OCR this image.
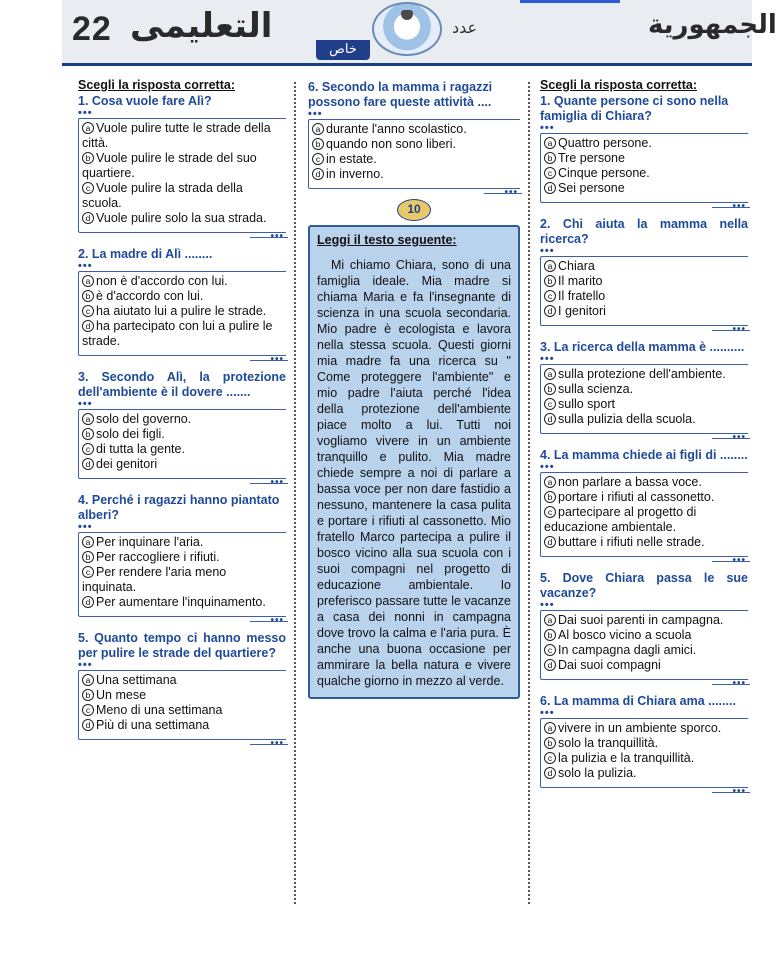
22 التعليمى
خاص
عدد	الجمهورية
Scegli la risposta corretta:
1. Cosa vuole fare Alì?
•••
a Vuole pulire tutte le strade della città.
b Vuole pulire le strade del suo quartiere.
c Vuole pulire la strada della scuola.
d Vuole pulire solo la sua strada.
•••
2. La madre di Alì ........
•••
a non è d'accordo con lui.
b è d'accordo con lui.
c ha aiutato lui a pulire le strade.
d ha partecipato con lui a pulire le strade.
•••
3. Secondo Alì, la protezione dell'ambiente è il dovere .......
•••
a solo del governo.
b solo dei figli.
c di tutta la gente.
d dei genitori
•••
4. Perché i ragazzi hanno piantato alberi?
•••
a Per inquinare l'aria.
b Per raccogliere i rifiuti.
c Per rendere l'aria meno inquinata.
d Per aumentare l'inquinamento.
•••
5. Quanto tempo ci hanno messo per pulire le strade del quartiere?
•••
a Una settimana
b Un mese
c Meno di una settimana
d Più di una settimana
•••
6. Secondo la mamma i ragazzi possono fare queste attività ....
•••
a durante l'anno scolastico.
b quando non sono liberi.
c in estate.
d in inverno.
•••
10
Leggi il testo seguente:
Mi chiamo Chiara, sono di una famiglia ideale. Mia madre si chiama Maria e fa l'insegnante di scienza in una scuola secondaria. Mio padre è ecologista e lavora nella stessa scuola. Questi giorni mia madre fa una ricerca su " Come proteggere l'ambiente" e mio padre l'aiuta perché l'idea della protezione dell'ambiente piace molto a lui. Tutti noi vogliamo vivere in un ambiente tranquillo e pulito. Mia madre chiede sempre a noi di parlare a bassa voce per non dare fastidio a nessuno, mantenere la casa pulita e portare i rifiuti al cassonetto. Mio fratello Marco partecipa a pulire il bosco vicino alla sua scuola con i suoi compagni nel progetto di educazione ambientale. Io preferisco passare tutte le vacanze a casa dei nonni in campagna dove trovo la calma e l'aria pura. È anche una buona occasione per ammirare la bella natura e vivere qualche giorno in mezzo al verde.
Scegli la risposta corretta:
1. Quante persone ci sono nella famiglia di Chiara?
•••
a Quattro persone.
b Tre persone
c Cinque persone.
d Sei persone
•••
2. Chi aiuta la mamma nella ricerca?
•••
a Chiara
b Il marito
c Il fratello
d I genitori
•••
3. La ricerca della mamma è ..........
•••
a sulla protezione dell'ambiente.
b sulla scienza.
c sullo sport
d sulla pulizia della scuola.
•••
4. La mamma chiede ai figli di ........
•••
a non parlare a bassa voce.
b portare i rifiuti al cassonetto.
c partecipare al progetto di educazione ambientale.
d buttare i rifiuti nelle strade.
•••
5. Dove Chiara passa le sue vacanze?
•••
a Dai suoi parenti in campagna.
b Al bosco vicino a scuola
c In campagna dagli amici.
d Dai suoi compagni
•••
6. La mamma di Chiara ama ........
•••
a vivere in un ambiente sporco.
b solo la tranquillità.
c la pulizia e la tranquillità.
d solo la pulizia.
•••
